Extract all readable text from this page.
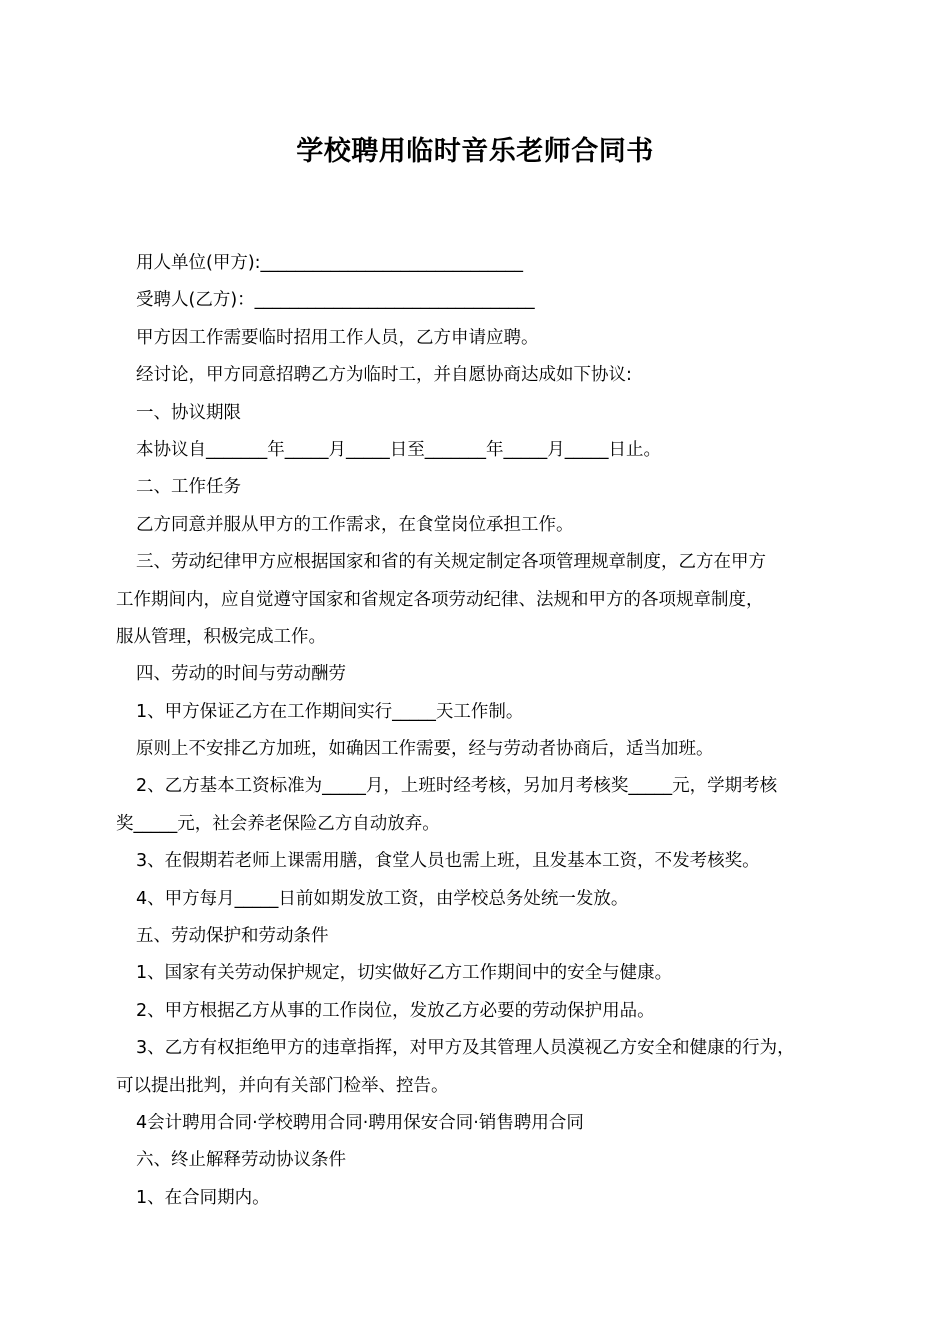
学校聘用临时音乐老师合同书
用人单位(甲方):______________________________
受聘人(乙方)：________________________________
甲方因工作需要临时招用工作人员，乙方申请应聘。
经讨论，甲方同意招聘乙方为临时工，并自愿协商达成如下协议:
一、协议期限
本协议自_______年_____月_____日至_______年_____月_____日止。
二、工作任务
乙方同意并服从甲方的工作需求，在食堂岗位承担工作。
三、劳动纪律甲方应根据国家和省的有关规定制定各项管理规章制度，乙方在甲方
工作期间内，应自觉遵守国家和省规定各项劳动纪律、法规和甲方的各项规章制度，
服从管理，积极完成工作。
四、劳动的时间与劳动酬劳
1、甲方保证乙方在工作期间实行_____天工作制。
原则上不安排乙方加班，如确因工作需要，经与劳动者协商后，适当加班。
2、乙方基本工资标准为_____月，上班时经考核，另加月考核奖_____元，学期考核
奖_____元，社会养老保险乙方自动放弃。
3、在假期若老师上课需用膳，食堂人员也需上班，且发基本工资，不发考核奖。
4、甲方每月_____日前如期发放工资，由学校总务处统一发放。
五、劳动保护和劳动条件
1、国家有关劳动保护规定，切实做好乙方工作期间中的安全与健康。
2、甲方根据乙方从事的工作岗位，发放乙方必要的劳动保护用品。
3、乙方有权拒绝甲方的违章指挥，对甲方及其管理人员漠视乙方安全和健康的行为，
可以提出批判，并向有关部门检举、控告。
4会计聘用合同·学校聘用合同·聘用保安合同·销售聘用合同
六、终止解释劳动协议条件
1、在合同期内。
